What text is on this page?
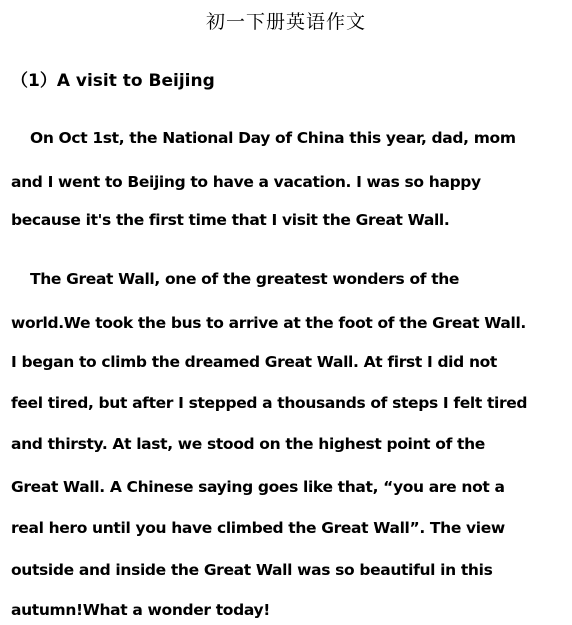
初一下册英语作文
（1）A visit to Beijing
On Oct 1st, the National Day of China this year, dad, mom
and I went to Beijing to have a vacation. I was so happy
because it's the first time that I visit the Great Wall.
The Great Wall, one of the greatest wonders of the
world.We took the bus to arrive at the foot of the Great Wall.
I began to climb the dreamed Great Wall. At first I did not
feel tired, but after I stepped a thousands of steps I felt tired
and thirsty. At last, we stood on the highest point of the
Great Wall. A Chinese saying goes like that, “you are not a
real hero until you have climbed the Great Wall”. The view
outside and inside the Great Wall was so beautiful in this
autumn!What a wonder today!
